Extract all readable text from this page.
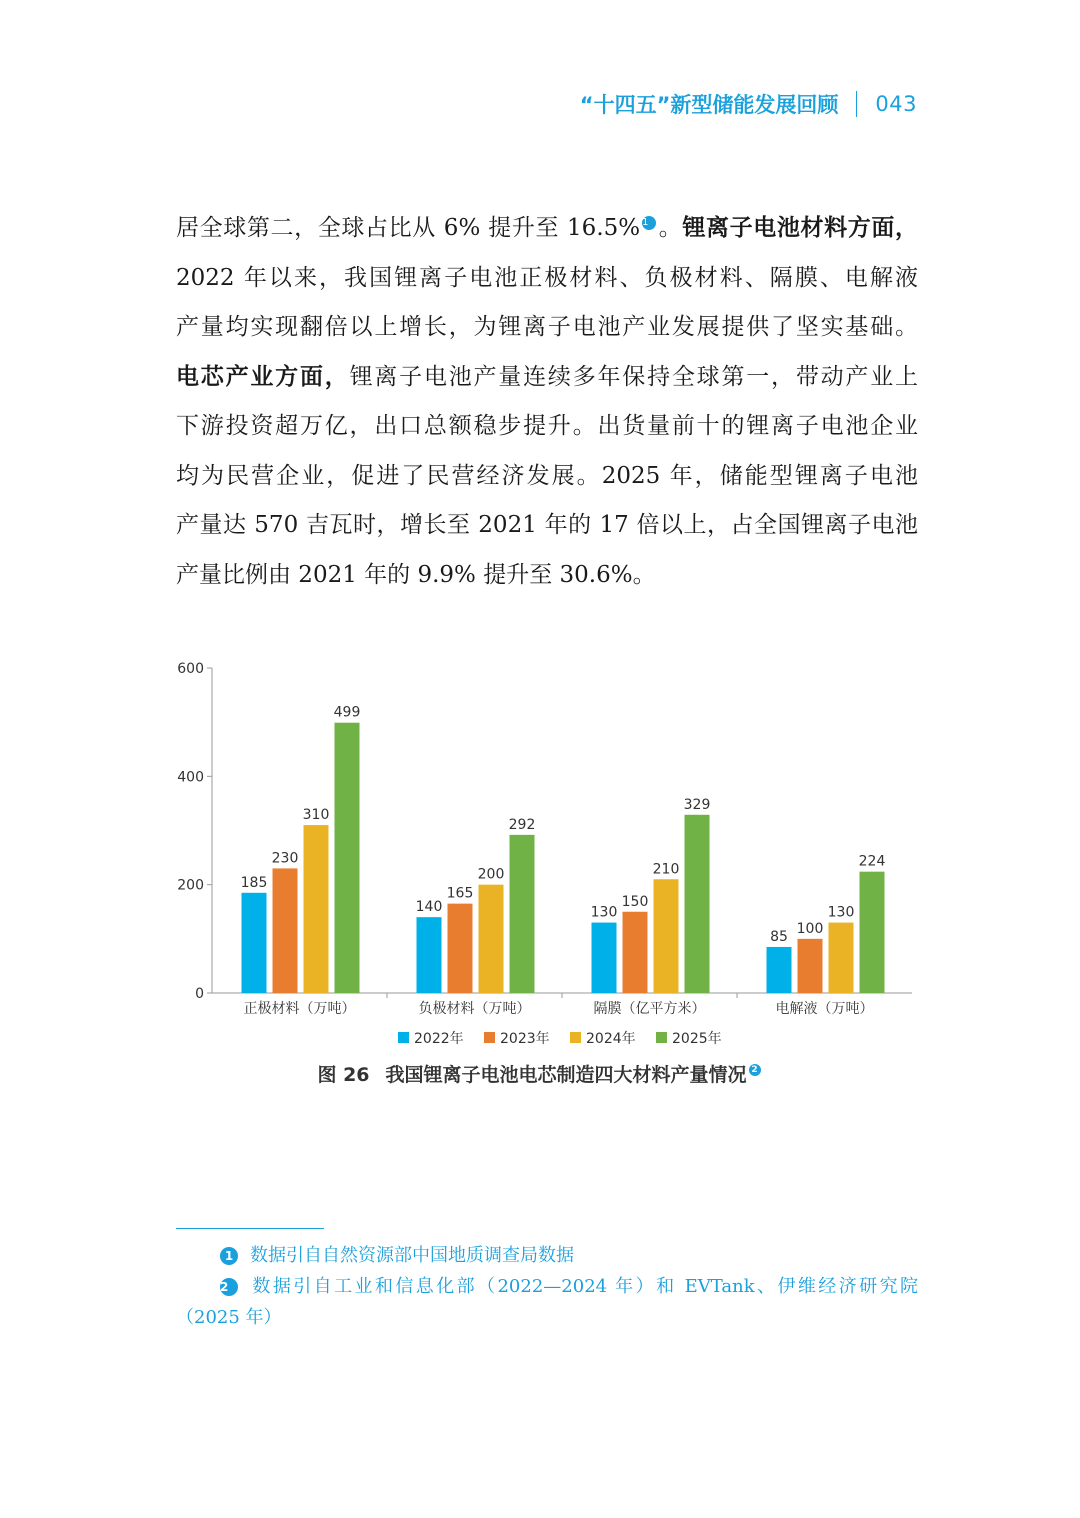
“十四五”新型储能发展回顾 043

居全球第二，全球占比从 6% 提升至 16.5% $^1$ 。锂离子电池材料方面，

2022 年以来，我国锂离子电池正极材料、负极材料、隔膜、电解液

产量均实现翻倍以上增长，为锂离子电池产业发展提供了坚实基础。

电芯产业方面，锂离子电池产量连续多年保持全球第一，带动产业上

下游投资超万亿，出口总额稳步提升。出货量前十的锂离子电池企业

均为民营企业，促进了民营经济发展。2025 年，储能型锂离子电池

产量达 570 吉瓦时，增长至 2021 年的 17 倍以上，占全国锂离子电池

产量比例由 2021 年的 9.9% 提升至 30.6%。

0
200
400
600
185
230
310
499
正极材料（万吨）
140
165
200
292
负极材料（万吨）
130
150
210
329
隔膜（亿平方米）
85
100
130
224
电解液（万吨）
2022年	2023年	2024年	2025年
图 26 我国锂离子电池电芯制造四大材料产量情况 $^2$

1 数据引自自然资源部中国地质调查局数据

2 数据引自工业和信息化部（2022—2024 年）和 EVTank、伊维经济研究院

（2025 年）
